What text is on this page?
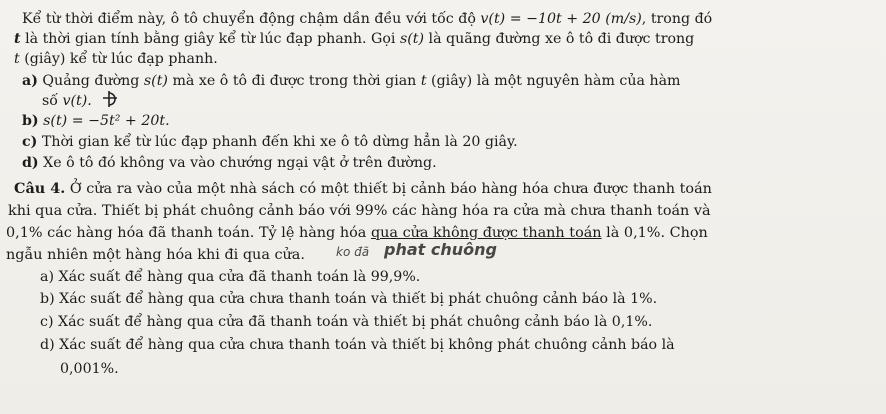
Kể từ thời điểm này, ô tô chuyển động chậm dần đều với tốc độ v(t) = −10t + 20 (m/s), trong đó
t là thời gian tính bằng giây kể từ lúc đạp phanh. Gọi s(t) là quãng đường xe ô tô đi được trong
t (giây) kể từ lúc đạp phanh.
a) Quảng đường s(t) mà xe ô tô đi được trong thời gian t (giây) là một nguyên hàm của hàm
số v(t).
b) s(t) = −5t² + 20t.
c) Thời gian kể từ lúc đạp phanh đến khi xe ô tô dừng hẳn là 20 giây.
d) Xe ô tô đó không va vào chướng ngại vật ở trên đường.
Câu 4. Ở cửa ra vào của một nhà sách có một thiết bị cảnh báo hàng hóa chưa được thanh toán
khi qua cửa. Thiết bị phát chuông cảnh báo với 99% các hàng hóa ra cửa mà chưa thanh toán và
0,1% các hàng hóa đã thanh toán. Tỷ lệ hàng hóa qua cửa không được thanh toán là 0,1%. Chọn
ngẫu nhiên một hàng hóa khi đi qua cửa.	ko đã phat chuông
a) Xác suất để hàng qua cửa đã thanh toán là 99,9%.
b) Xác suất để hàng qua cửa chưa thanh toán và thiết bị phát chuông cảnh báo là 1%.
c) Xác suất để hàng qua cửa đã thanh toán và thiết bị phát chuông cảnh báo là 0,1%.
d) Xác suất để hàng qua cửa chưa thanh toán và thiết bị không phát chuông cảnh báo là
0,001%.
